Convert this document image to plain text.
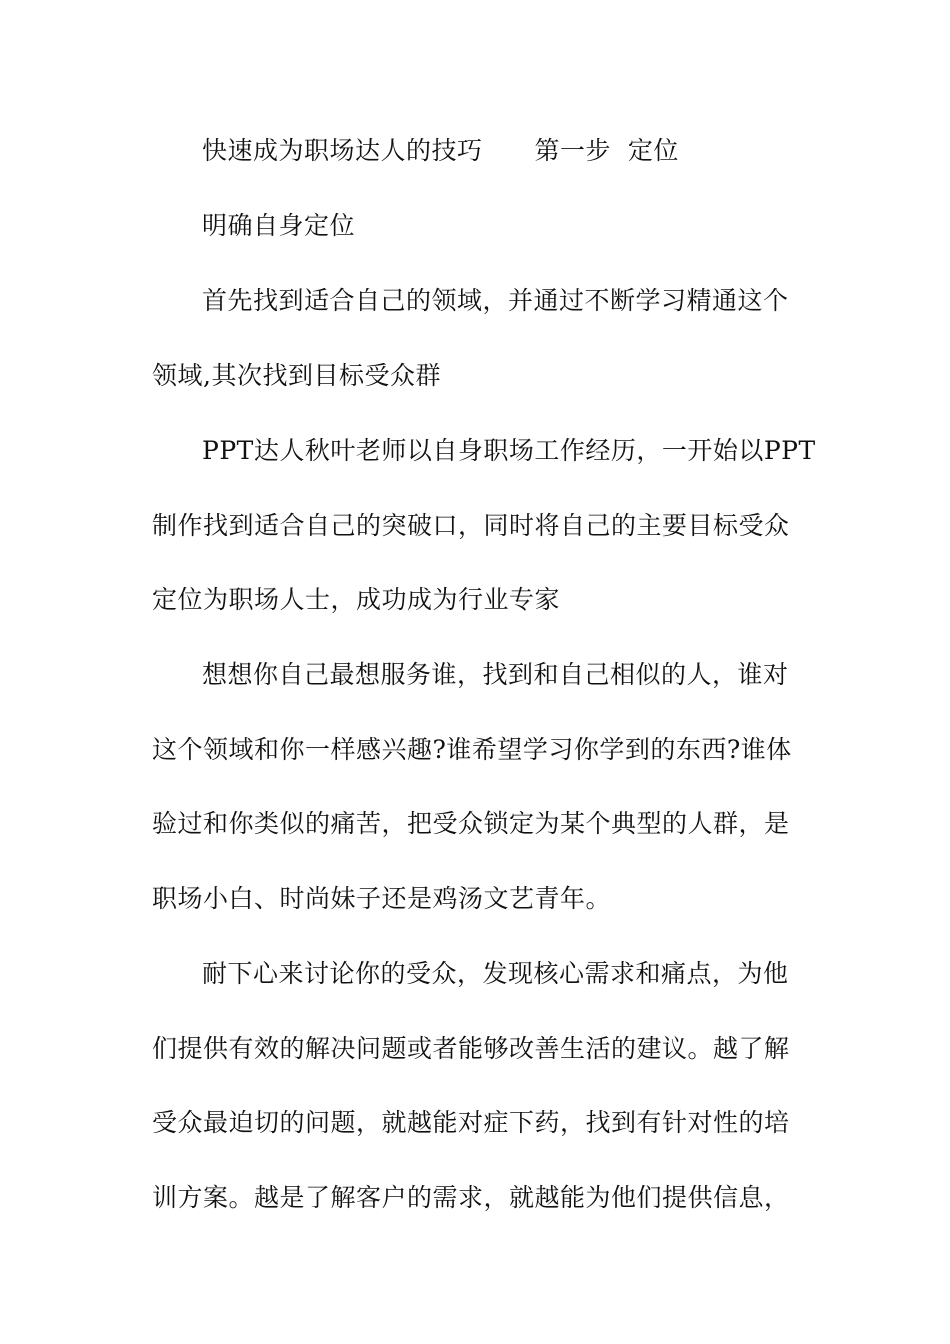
快速成为职场达人的技巧 第一步  定位
明确自身定位
首先找到适合自己的领域，并通过不断学习精通这个
领域,其次找到目标受众群
PPT达人秋叶老师以自身职场工作经历，一开始以PPT
制作找到适合自己的突破口，同时将自己的主要目标受众
定位为职场人士，成功成为行业专家
想想你自己最想服务谁，找到和自己相似的人，谁对
这个领域和你一样感兴趣?谁希望学习你学到的东西?谁体
验过和你类似的痛苦，把受众锁定为某个典型的人群，是
职场小白、时尚妹子还是鸡汤文艺青年。
耐下心来讨论你的受众，发现核心需求和痛点，为他
们提供有效的解决问题或者能够改善生活的建议。越了解
受众最迫切的问题，就越能对症下药，找到有针对性的培
训方案。越是了解客户的需求，就越能为他们提供信息，
